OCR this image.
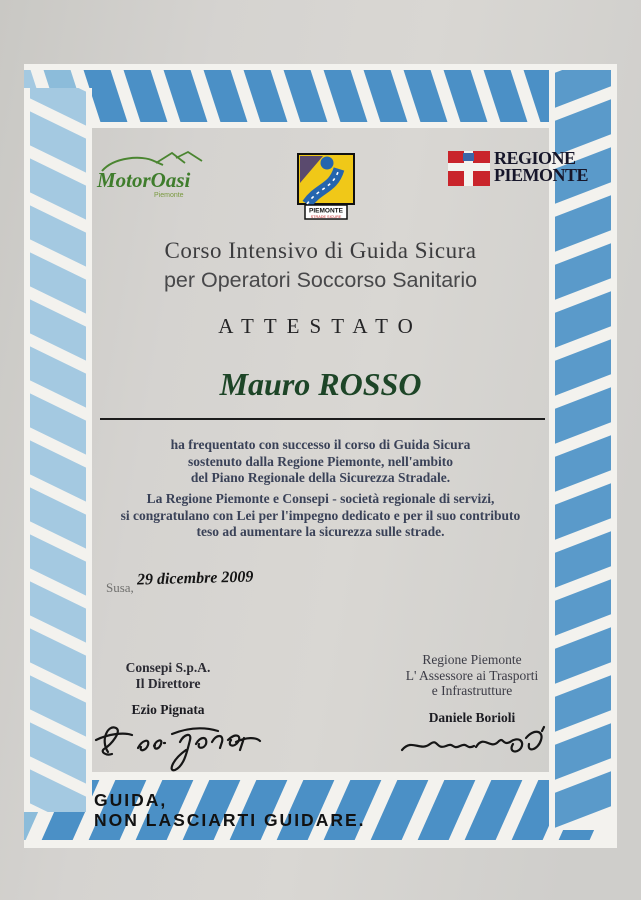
MotorOasi
Piemonte
PIEMONTE
STRADE SICURE
REGIONE
PIEMONTE
Corso Intensivo di Guida Sicura
per Operatori Soccorso Sanitario
ATTESTATO
Mauro ROSSO
ha frequentato con successo il corso di Guida Sicura
sostenuto dalla Regione Piemonte, nell'ambito
del Piano Regionale della Sicurezza Stradale.
La Regione Piemonte e Consepi - società regionale di servizi,
si congratulano con Lei per l'impegno dedicato e per il suo contributo
teso ad aumentare la sicurezza sulle strade.
Susa, 29 dicembre 2009
Consepi S.p.A.
Il Direttore
Ezio Pignata
Regione Piemonte
L' Assessore ai Trasporti
e Infrastrutture
Daniele Borioli
GUIDA,
NON LASCIARTI GUIDARE.
